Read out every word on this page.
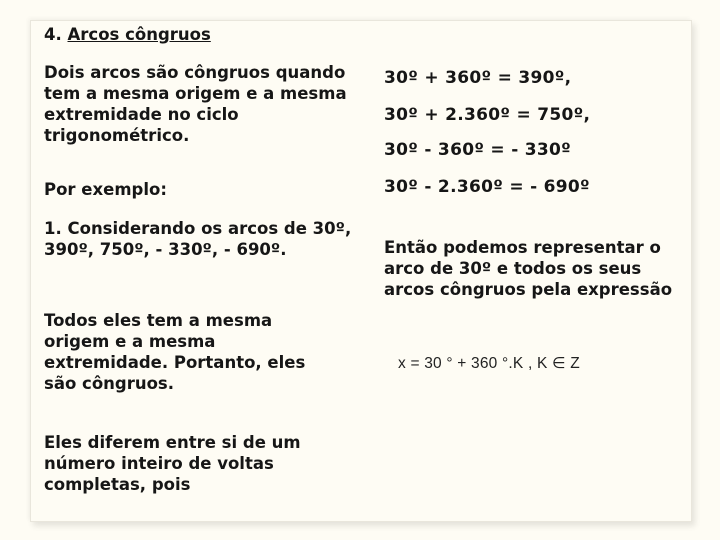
4. Arcos côngruos

Dois arcos são côngruos quando tem a mesma origem e a mesma extremidade no ciclo trigonométrico.

Por exemplo:

1. Considerando os arcos de 30º, 390º, 750º, - 330º, - 690º.

Todos eles tem a mesma origem e a mesma extremidade. Portanto, eles são côngruos.

Eles diferem entre si de um número inteiro de voltas completas, pois

30º + 360º = 390º,

30º + 2.360º = 750º,

30º - 360º = - 330º

30º - 2.360º = - 690º

Então podemos representar o arco de 30º e todos os seus arcos côngruos pela expressão

x = 30 ° + 360 °.K , K ∈ Z
